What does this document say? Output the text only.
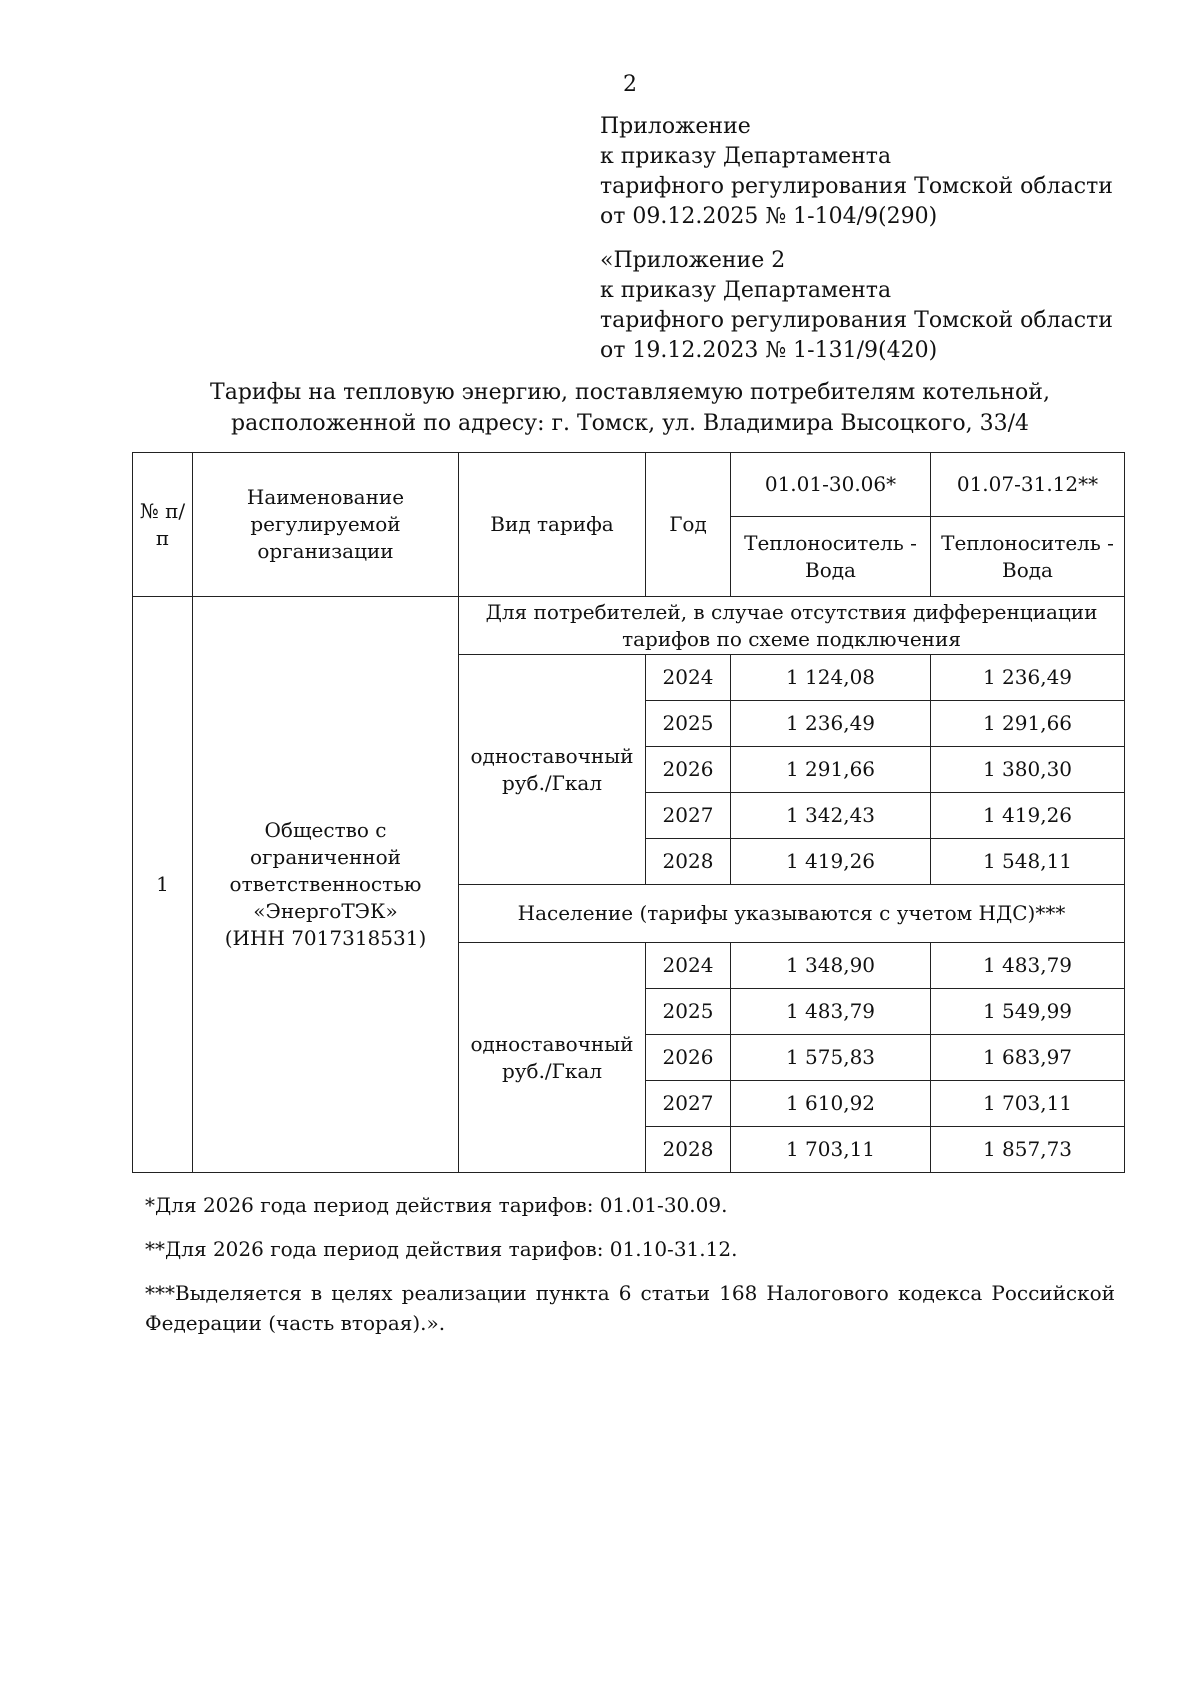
2
Приложение
к приказу Департамента
тарифного регулирования Томской области
от 09.12.2025 № 1-104/9(290)
«Приложение 2
к приказу Департамента
тарифного регулирования Томской области
от 19.12.2023 № 1-131/9(420)
Тарифы на тепловую энергию, поставляемую потребителям котельной,
расположенной по адресу: г. Томск, ул. Владимира Высоцкого, 33/4
№ п/п	Наименование регулируемой организации	Вид тарифа	Год	01.01-30.06*	01.07-31.12**
				Теплоноситель - Вода	Теплоноситель - Вода
1	Общество с
ограниченной
ответственностью
«ЭнергоТЭК»
(ИНН 7017318531)	Для потребителей, в случае отсутствия дифференциации тарифов по схеме подключения			
		одноставочный руб./Гкал	2024	1 124,08	1 236,49
			2025	1 236,49	1 291,66
			2026	1 291,66	1 380,30
			2027	1 342,43	1 419,26
			2028	1 419,26	1 548,11
		Население (тарифы указываются с учетом НДС)***			
		одноставочный руб./Гкал	2024	1 348,90	1 483,79
			2025	1 483,79	1 549,99
			2026	1 575,83	1 683,97
			2027	1 610,92	1 703,11
			2028	1 703,11	1 857,73
*Для 2026 года период действия тарифов: 01.01-30.09.
**Для 2026 года период действия тарифов: 01.10-31.12.
***Выделяется в целях реализации пункта 6 статьи 168 Налогового кодекса Российской Федерации (часть вторая).».
